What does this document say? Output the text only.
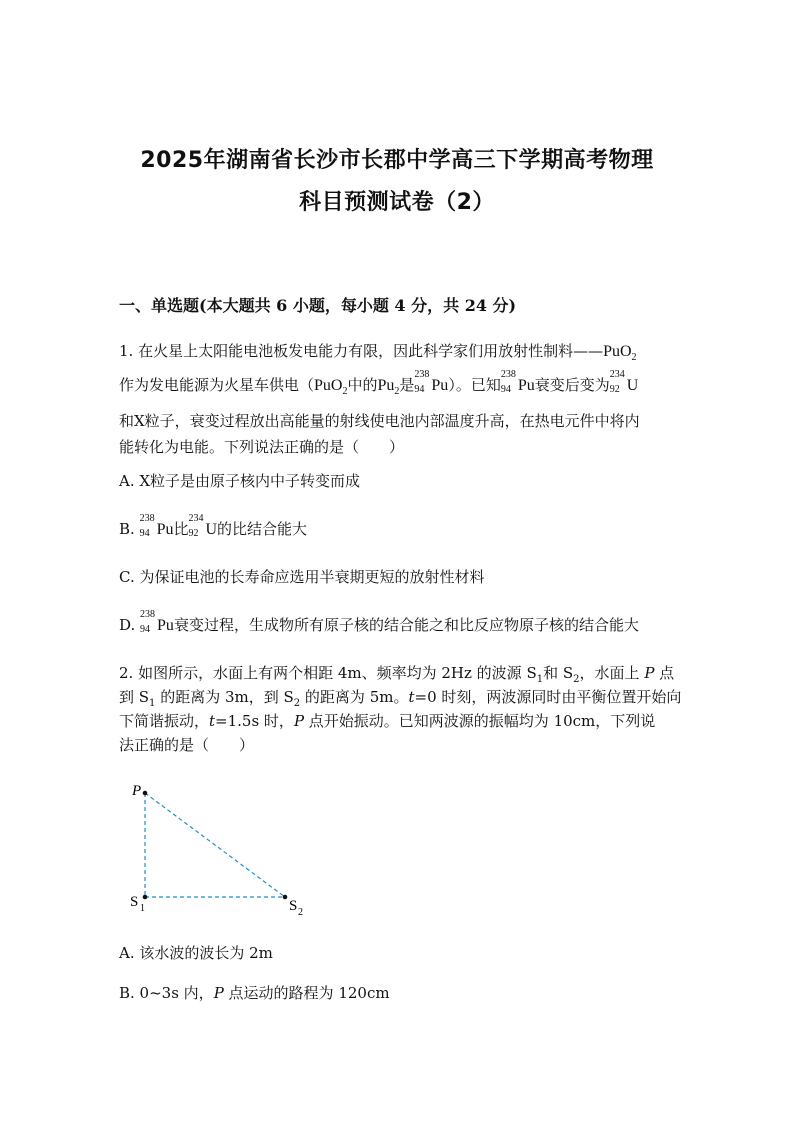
2025年湖南省长沙市长郡中学高三下学期高考物理
科目预测试卷（2）
一、单选题(本大题共 6 小题，每小题 4 分，共 24 分)
1. 在火星上太阳能电池板发电能力有限，因此科学家们用放射性制料——PuO$_2$
作为发电能源为火星车供电（PuO$_2$中的$Pu_2$是
238
94 Pu）。已知
238
94 Pu衰变后变为
234
92 U
和X粒子，衰变过程放出高能量的射线使电池内部温度升高，在热电元件中将内
能转化为电能。下列说法正确的是（　　）
A. X粒子是由原子核内中子转变而成
B.
238
94 Pu比
234
92 U的比结合能大
C. 为保证电池的长寿命应选用半衰期更短的放射性材料
D.
238
94 Pu衰变过程，生成物所有原子核的结合能之和比反应物原子核的结合能大
2. 如图所示，水面上有两个相距 4m、频率均为 2Hz 的波源 $S_1$和 $S_2$，水面上 P 点
到 $S_1$ 的距离为 3m，到 $S_2$ 的距离为 5m。t=0 时刻，两波源同时由平衡位置开始向
下简谐振动，t=1.5s 时，P 点开始振动。已知两波源的振幅均为 10cm，下列说
法正确的是（　　）
P
S 1	S 2
A. 该水波的波长为 2m
B. 0~3s 内，P 点运动的路程为 120cm
